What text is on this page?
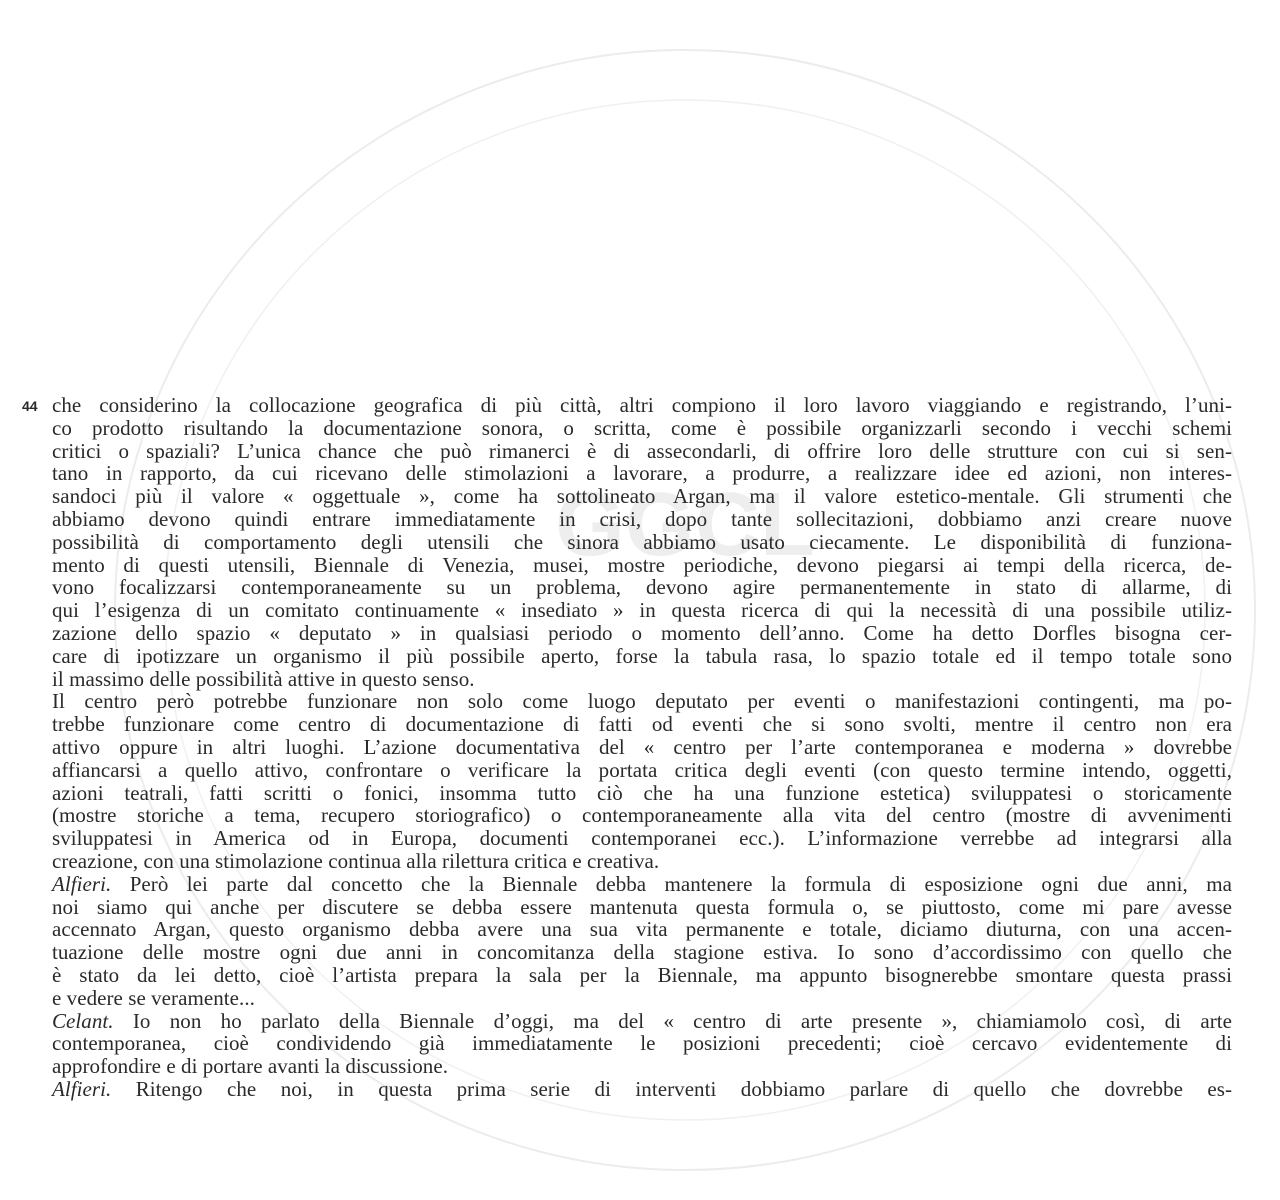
GGCL
44 che considerino la collocazione geografica di più città, altri compiono il loro lavoro viaggiando e registrando, l’uni-
co prodotto risultando la documentazione sonora, o scritta, come è possibile organizzarli secondo i vecchi schemi
critici o spaziali? L’unica chance che può rimanerci è di assecondarli, di offrire loro delle strutture con cui si sen-
tano in rapporto, da cui ricevano delle stimolazioni a lavorare, a produrre, a realizzare idee ed azioni, non interes-
sandoci più il valore « oggettuale », come ha sottolineato Argan, ma il valore estetico-mentale. Gli strumenti che
abbiamo devono quindi entrare immediatamente in crisi, dopo tante sollecitazioni, dobbiamo anzi creare nuove
possibilità di comportamento degli utensili che sinora abbiamo usato ciecamente. Le disponibilità di funziona-
mento di questi utensili, Biennale di Venezia, musei, mostre periodiche, devono piegarsi ai tempi della ricerca, de-
vono focalizzarsi contemporaneamente su un problema, devono agire permanentemente in stato di allarme, di
qui l’esigenza di un comitato continuamente « insediato » in questa ricerca di qui la necessità di una possibile utiliz-
zazione dello spazio « deputato » in qualsiasi periodo o momento dell’anno. Come ha detto Dorfles bisogna cer-
care di ipotizzare un organismo il più possibile aperto, forse la tabula rasa, lo spazio totale ed il tempo totale sono
il massimo delle possibilità attive in questo senso.
Il centro però potrebbe funzionare non solo come luogo deputato per eventi o manifestazioni contingenti, ma po-
trebbe funzionare come centro di documentazione di fatti od eventi che si sono svolti, mentre il centro non era
attivo oppure in altri luoghi. L’azione documentativa del « centro per l’arte contemporanea e moderna » dovrebbe
affiancarsi a quello attivo, confrontare o verificare la portata critica degli eventi (con questo termine intendo, oggetti,
azioni teatrali, fatti scritti o fonici, insomma tutto ciò che ha una funzione estetica) sviluppatesi o storicamente
(mostre storiche a tema, recupero storiografico) o contemporaneamente alla vita del centro (mostre di avvenimenti
sviluppatesi in America od in Europa, documenti contemporanei ecc.). L’informazione verrebbe ad integrarsi alla
creazione, con una stimolazione continua alla rilettura critica e creativa.
Alfieri. Però lei parte dal concetto che la Biennale debba mantenere la formula di esposizione ogni due anni, ma
noi siamo qui anche per discutere se debba essere mantenuta questa formula o, se piuttosto, come mi pare avesse
accennato Argan, questo organismo debba avere una sua vita permanente e totale, diciamo diuturna, con una accen-
tuazione delle mostre ogni due anni in concomitanza della stagione estiva. Io sono d’accordissimo con quello che
è stato da lei detto, cioè l’artista prepara la sala per la Biennale, ma appunto bisognerebbe smontare questa prassi
e vedere se veramente...
Celant. Io non ho parlato della Biennale d’oggi, ma del « centro di arte presente », chiamiamolo così, di arte
contemporanea, cioè condividendo già immediatamente le posizioni precedenti; cioè cercavo evidentemente di
approfondire e di portare avanti la discussione.
Alfieri. Ritengo che noi, in questa prima serie di interventi dobbiamo parlare di quello che dovrebbe es-
